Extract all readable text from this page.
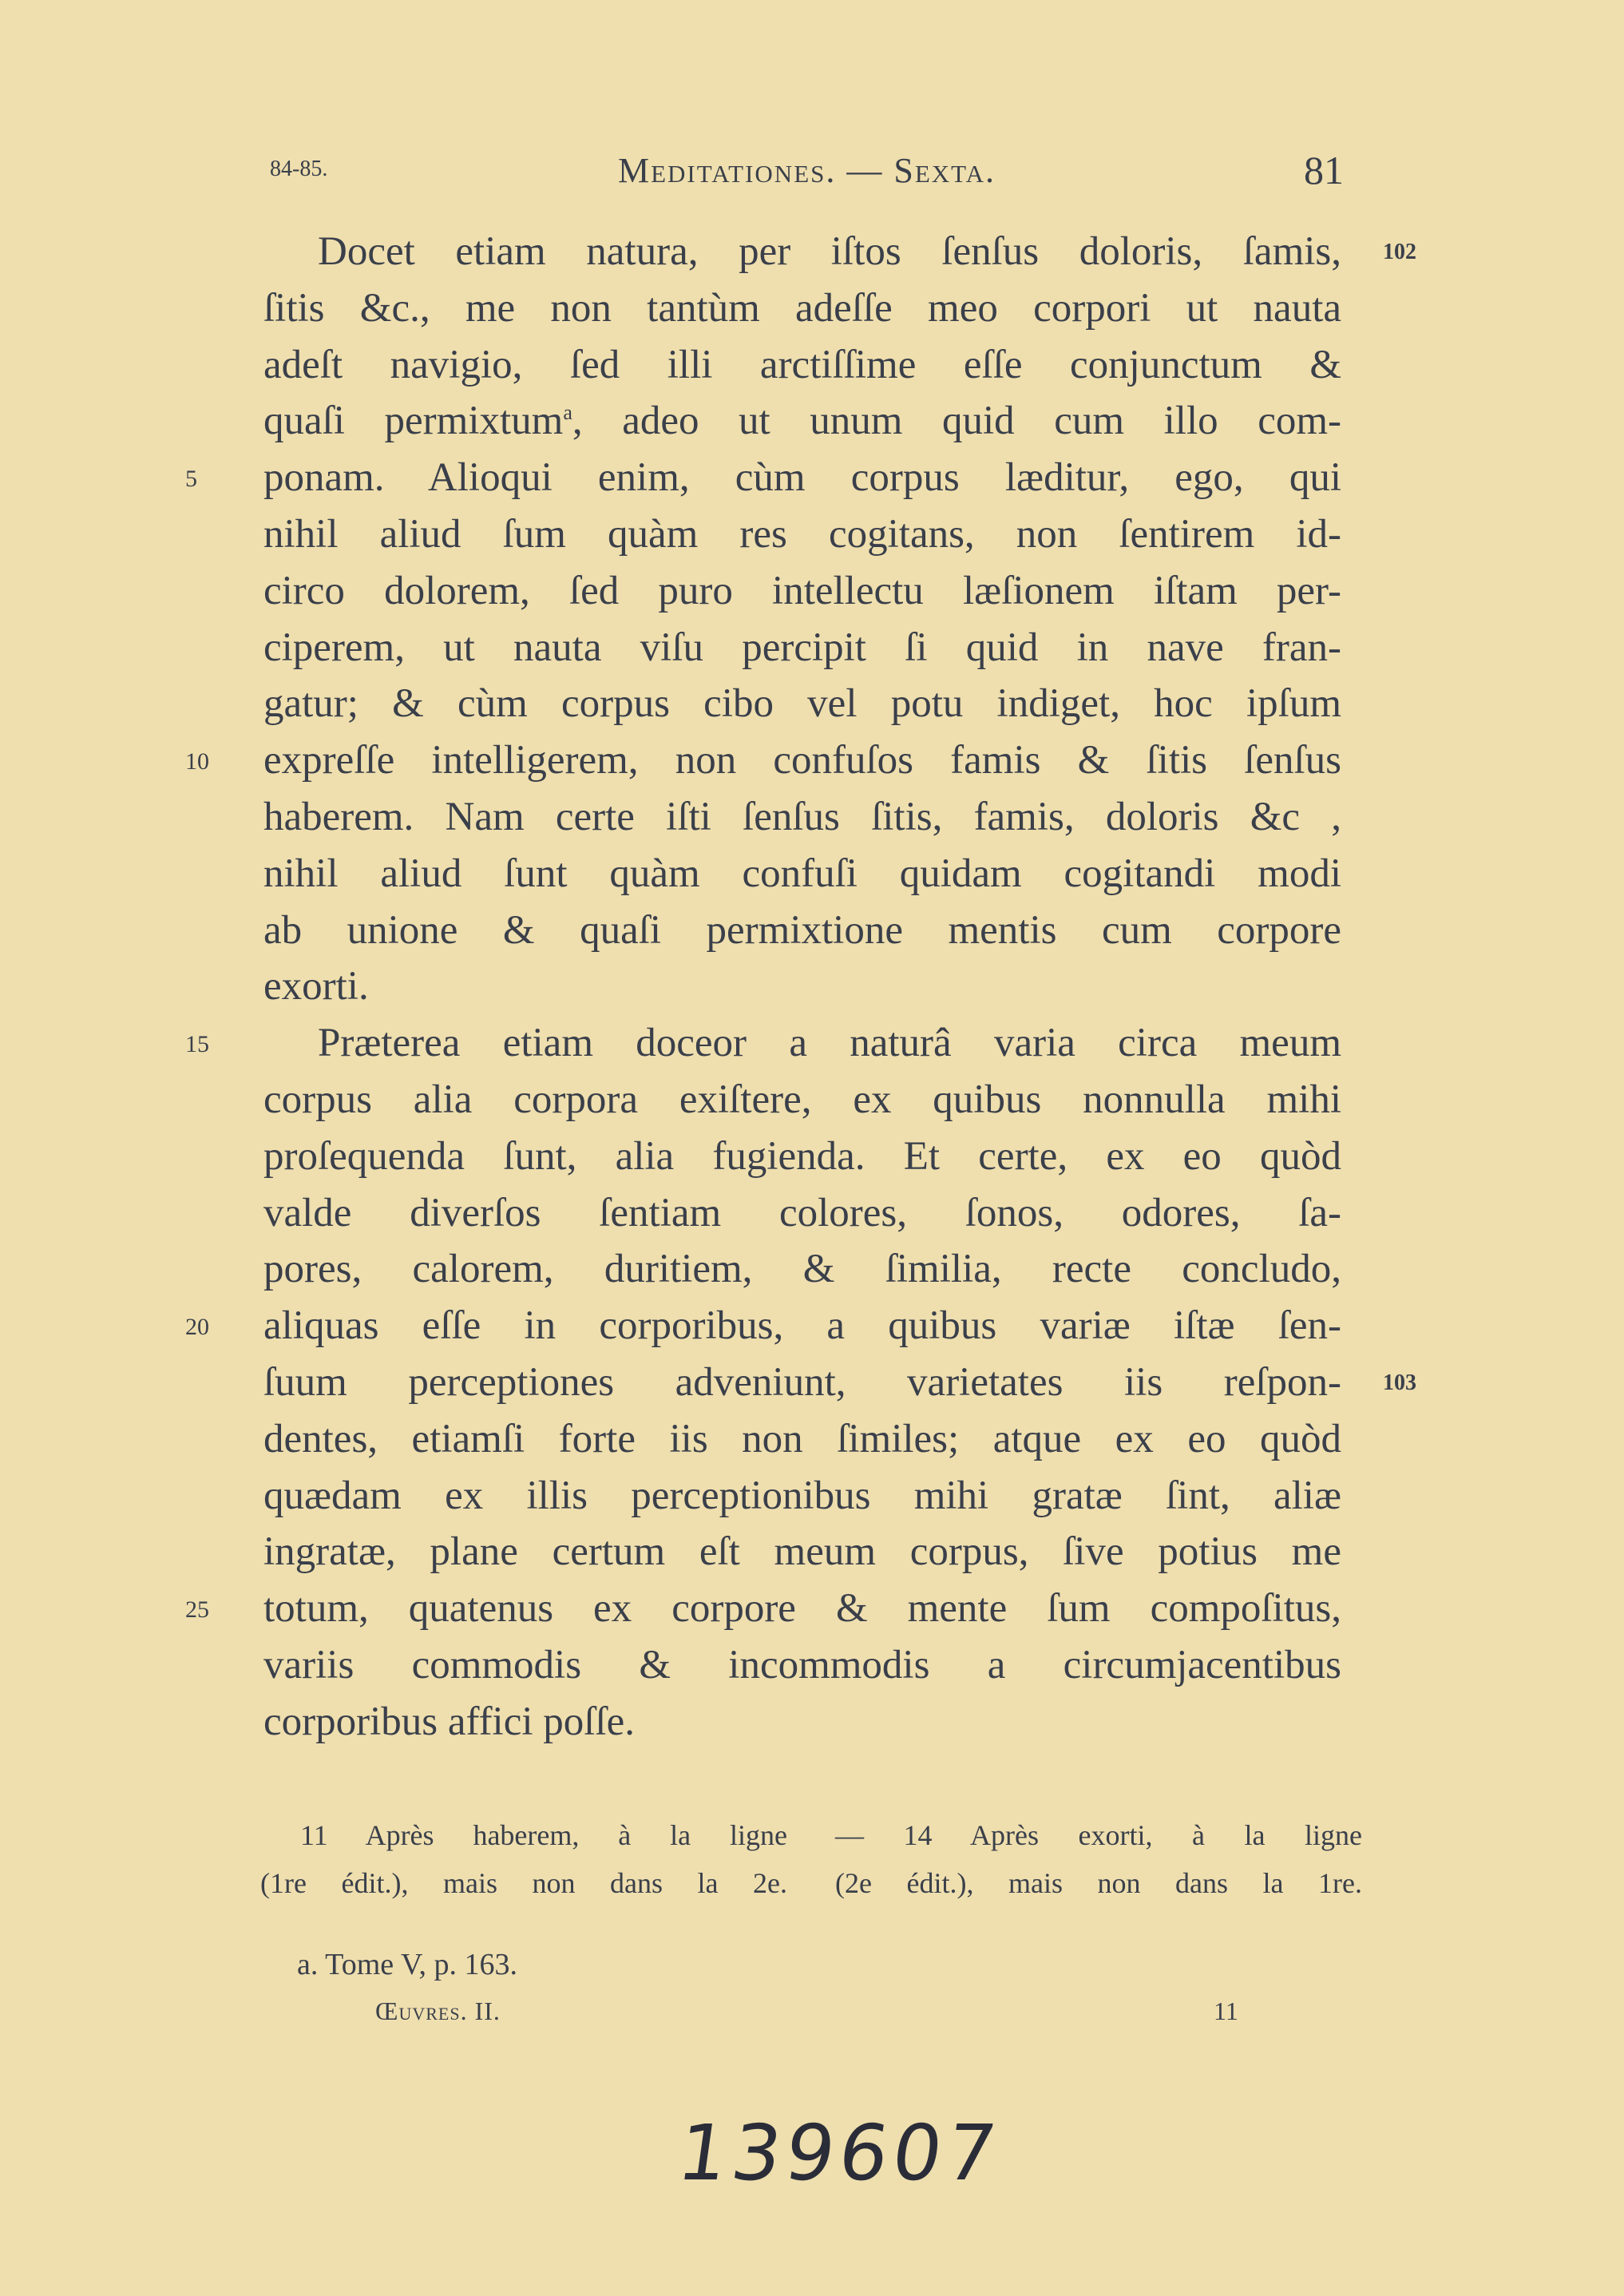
84-85.	Meditationes. — Sexta.	81
Docet etiam natura, per iſtos ſenſus doloris, ſamis,
ſitis &c., me non tantùm adeſſe meo corpori ut nauta
adeſt navigio, ſed illi arctiſſime eſſe conjunctum &
quaſi permixtum$^a$, adeo ut unum quid cum illo com-
ponam. Alioqui enim, cùm corpus læditur, ego, qui
nihil aliud ſum quàm res cogitans, non ſentirem id-
circo dolorem, ſed puro intellectu læſionem iſtam per-
ciperem, ut nauta viſu percipit ſi quid in nave fran-
gatur; & cùm corpus cibo vel potu indiget, hoc ipſum
expreſſe intelligerem, non confuſos famis & ſitis ſenſus
haberem. Nam certe iſti ſenſus ſitis, famis, doloris &c ,
nihil aliud ſunt quàm confuſi quidam cogitandi modi
ab unione & quaſi permixtione mentis cum corpore
exorti.
Præterea etiam doceor a naturâ varia circa meum
corpus alia corpora exiſtere, ex quibus nonnulla mihi
proſequenda ſunt, alia fugienda. Et certe, ex eo quòd
valde diverſos ſentiam colores, ſonos, odores, ſa-
pores, calorem, duritiem, & ſimilia, recte concludo,
aliquas eſſe in corporibus, a quibus variæ iſtæ ſen-
ſuum perceptiones adveniunt, varietates iis reſpon-
dentes, etiamſi forte iis non ſimiles; atque ex eo quòd
quædam ex illis perceptionibus mihi gratæ ſint, aliæ
ingratæ, plane certum eſt meum corpus, ſive potius me
totum, quatenus ex corpore & mente ſum compoſitus,
variis commodis & incommodis a circumjacentibus
corporibus affici poſſe.
5
10
15
20
25
102
103
11 Après haberem, à la ligne
(1re édit.), mais non dans la 2e.
— 14 Après exorti, à la ligne
(2e édit.), mais non dans la 1re.
a. Tome V, p. 163.
Œuvres. II.	11
139607
